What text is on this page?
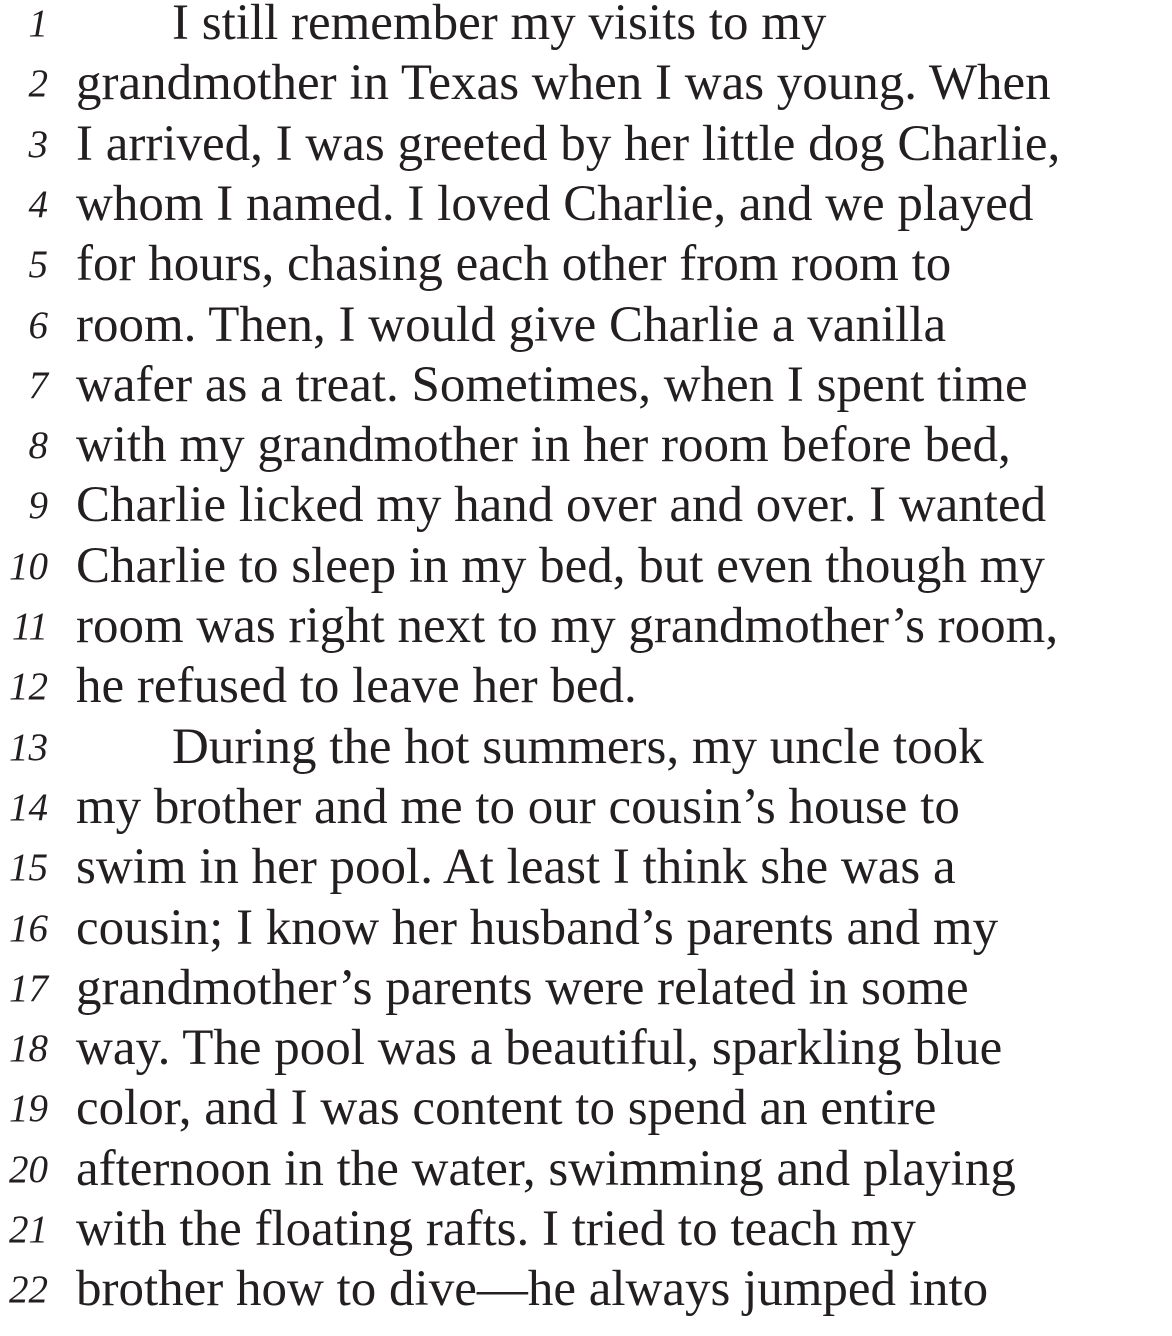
1 I still remember my visits to my
2 grandmother in Texas when I was young. When
3 I arrived, I was greeted by her little dog Charlie,
4 whom I named. I loved Charlie, and we played
5 for hours, chasing each other from room to
6 room. Then, I would give Charlie a vanilla
7 wafer as a treat. Sometimes, when I spent time
8 with my grandmother in her room before bed,
9 Charlie licked my hand over and over. I wanted
10 Charlie to sleep in my bed, but even though my
11 room was right next to my grandmother’s room,
12 he refused to leave her bed.
13 During the hot summers, my uncle took
14 my brother and me to our cousin’s house to
15 swim in her pool. At least I think she was a
16 cousin; I know her husband’s parents and my
17 grandmother’s parents were related in some
18 way. The pool was a beautiful, sparkling blue
19 color, and I was content to spend an entire
20 afternoon in the water, swimming and playing
21 with the floating rafts. I tried to teach my
22 brother how to dive—he always jumped into
